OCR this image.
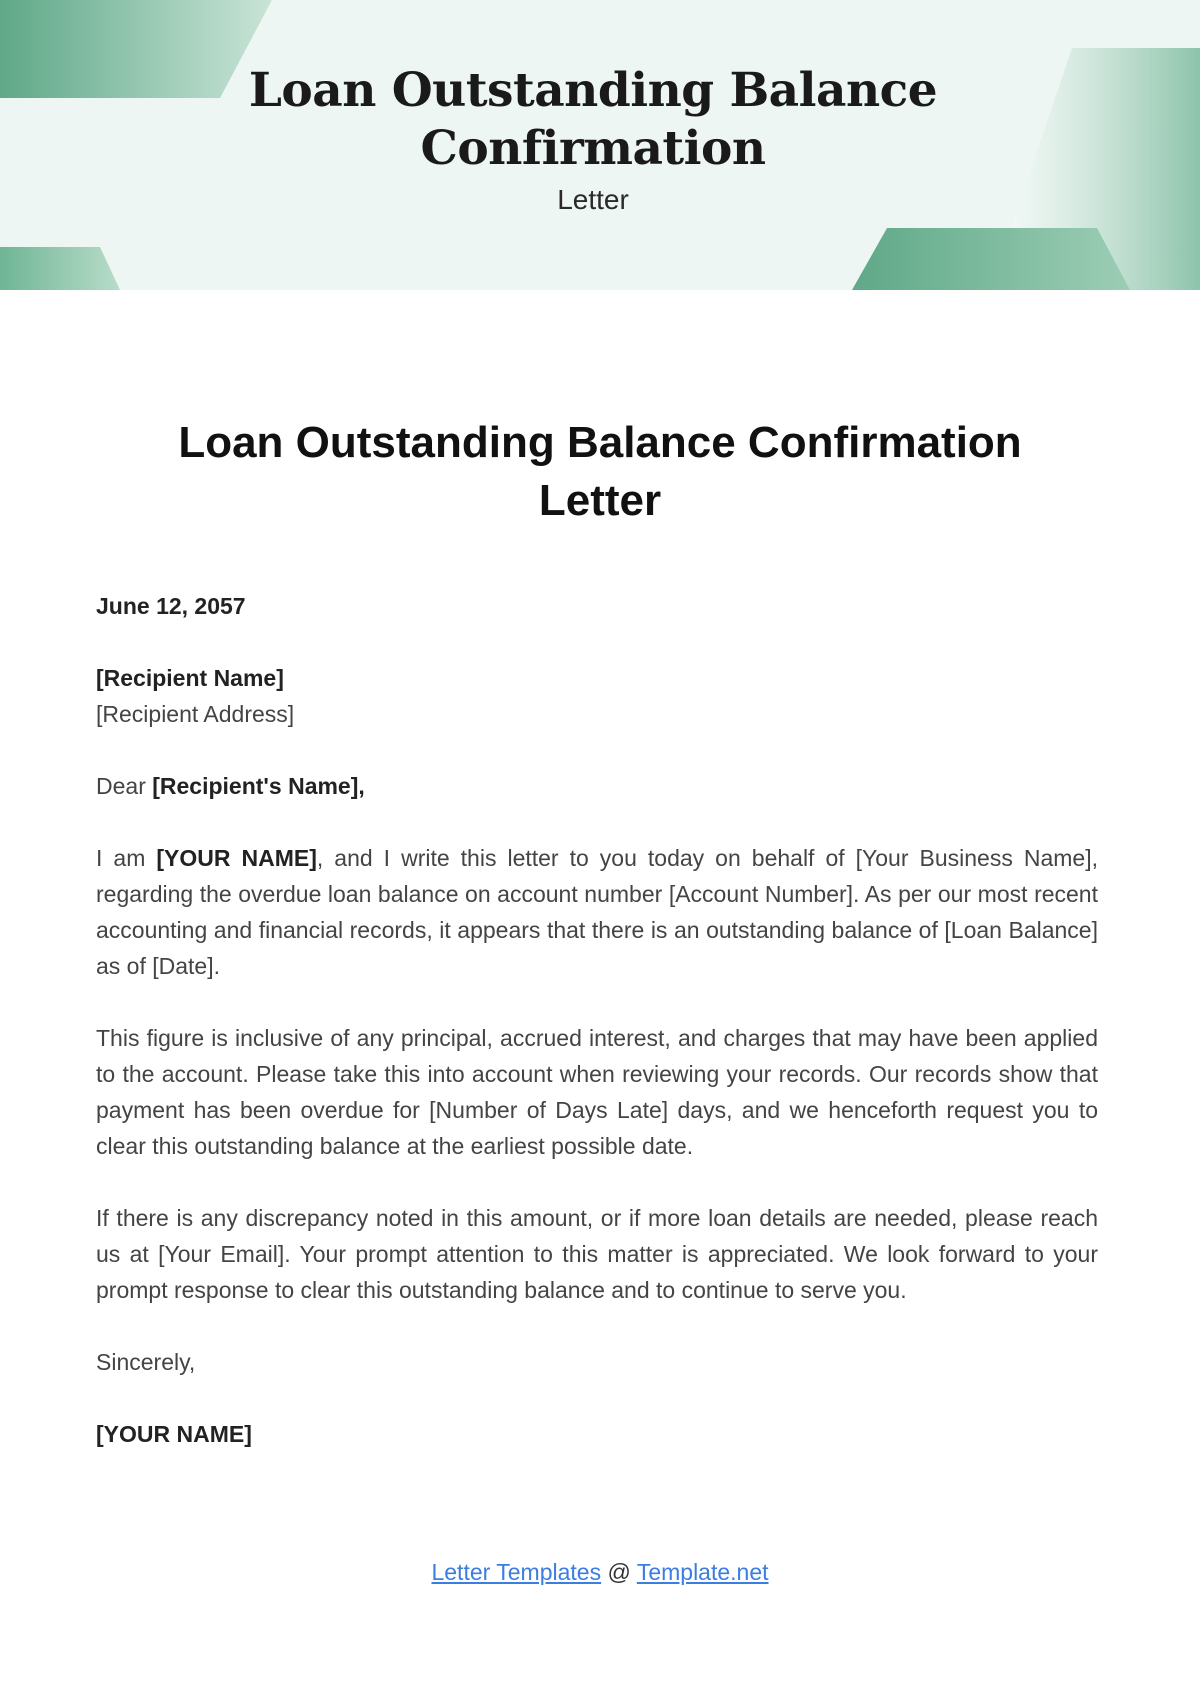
Loan Outstanding Balance
Confirmation
Letter
Loan Outstanding Balance Confirmation
Letter

June 12, 2057

[Recipient Name]

[Recipient Address]

Dear [Recipient's Name],

I am [YOUR NAME], and I write this letter to you today on behalf of [Your Business Name], regarding the overdue loan balance on account number [Account Number]. As per our most recent accounting and financial records, it appears that there is an outstanding balance of [Loan Balance] as of [Date].

This figure is inclusive of any principal, accrued interest, and charges that may have been applied to the account. Please take this into account when reviewing your records. Our records show that payment has been overdue for [Number of Days Late] days, and we henceforth request you to clear this outstanding balance at the earliest possible date.

If there is any discrepancy noted in this amount, or if more loan details are needed, please reach us at [Your Email]. Your prompt attention to this matter is appreciated. We look forward to your prompt response to clear this outstanding balance and to continue to serve you.

Sincerely,

[YOUR NAME]

Letter Templates @ Template.net
